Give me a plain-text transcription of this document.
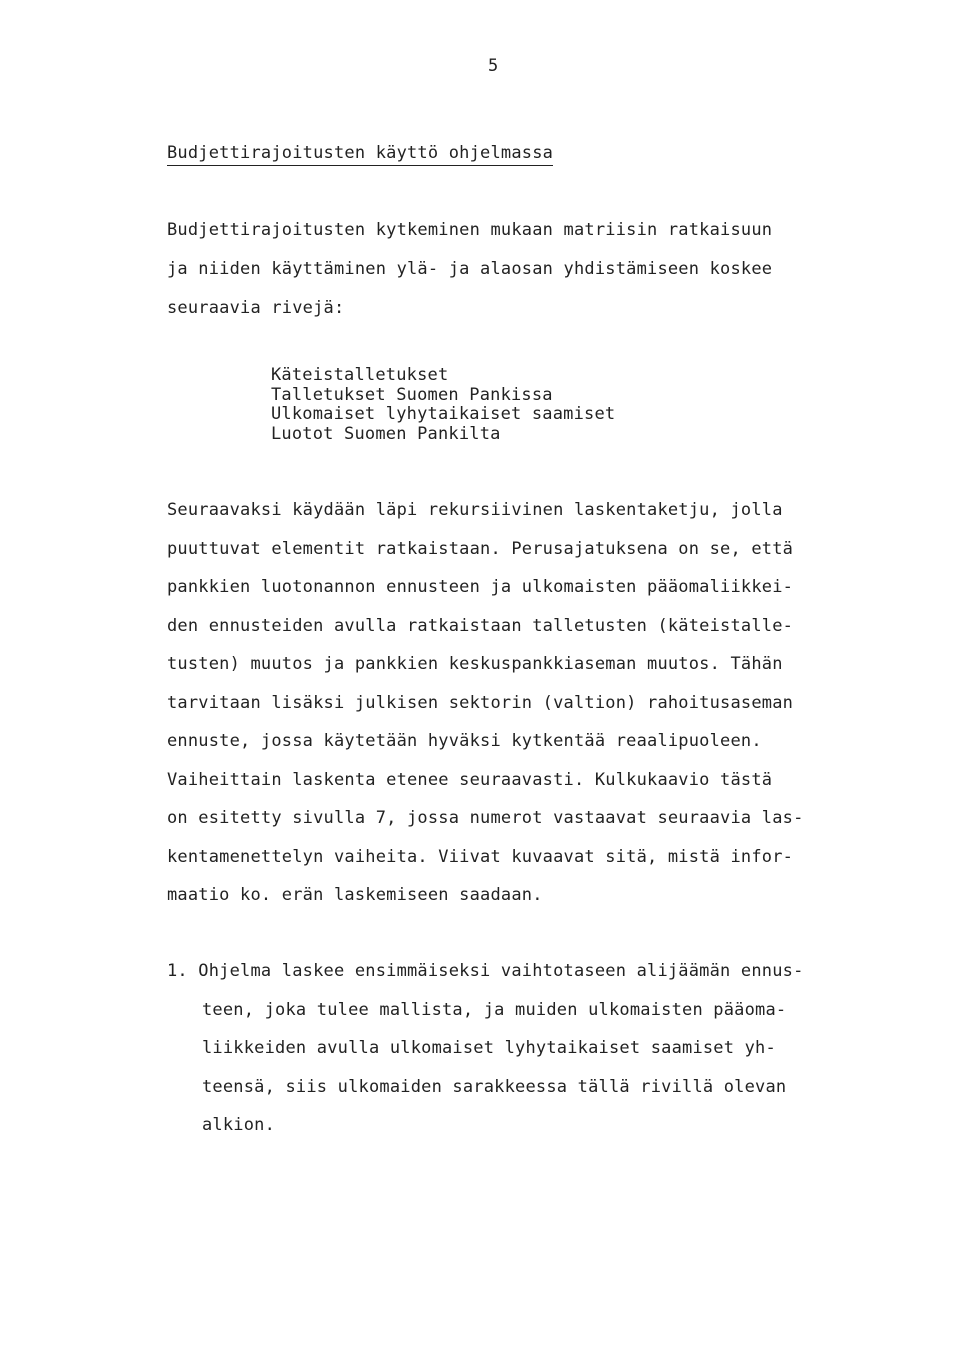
5
Budjettirajoitusten käyttö ohjelmassa
Budjettirajoitusten kytkeminen mukaan matriisin ratkaisuun
ja niiden käyttäminen ylä- ja alaosan yhdistämiseen koskee
seuraavia rivejä:
Käteistalletukset
Talletukset Suomen Pankissa
Ulkomaiset lyhytaikaiset saamiset
Luotot Suomen Pankilta
Seuraavaksi käydään läpi rekursiivinen laskentaketju, jolla
puuttuvat elementit ratkaistaan. Perusajatuksena on se, että
pankkien luotonannon ennusteen ja ulkomaisten pääomaliikkei-
den ennusteiden avulla ratkaistaan talletusten (käteistalle-
tusten) muutos ja pankkien keskuspankkiaseman muutos. Tähän
tarvitaan lisäksi julkisen sektorin (valtion) rahoitusaseman
ennuste, jossa käytetään hyväksi kytkentää reaalipuoleen.
Vaiheittain laskenta etenee seuraavasti. Kulkukaavio tästä
on esitetty sivulla 7, jossa numerot vastaavat seuraavia las-
kentamenettelyn vaiheita. Viivat kuvaavat sitä, mistä infor-
maatio ko. erän laskemiseen saadaan.
1. Ohjelma laskee ensimmäiseksi vaihtotaseen alijäämän ennus-
teen, joka tulee mallista, ja muiden ulkomaisten pääoma-
liikkeiden avulla ulkomaiset lyhytaikaiset saamiset yh-
teensä, siis ulkomaiden sarakkeessa tällä rivillä olevan
alkion.
